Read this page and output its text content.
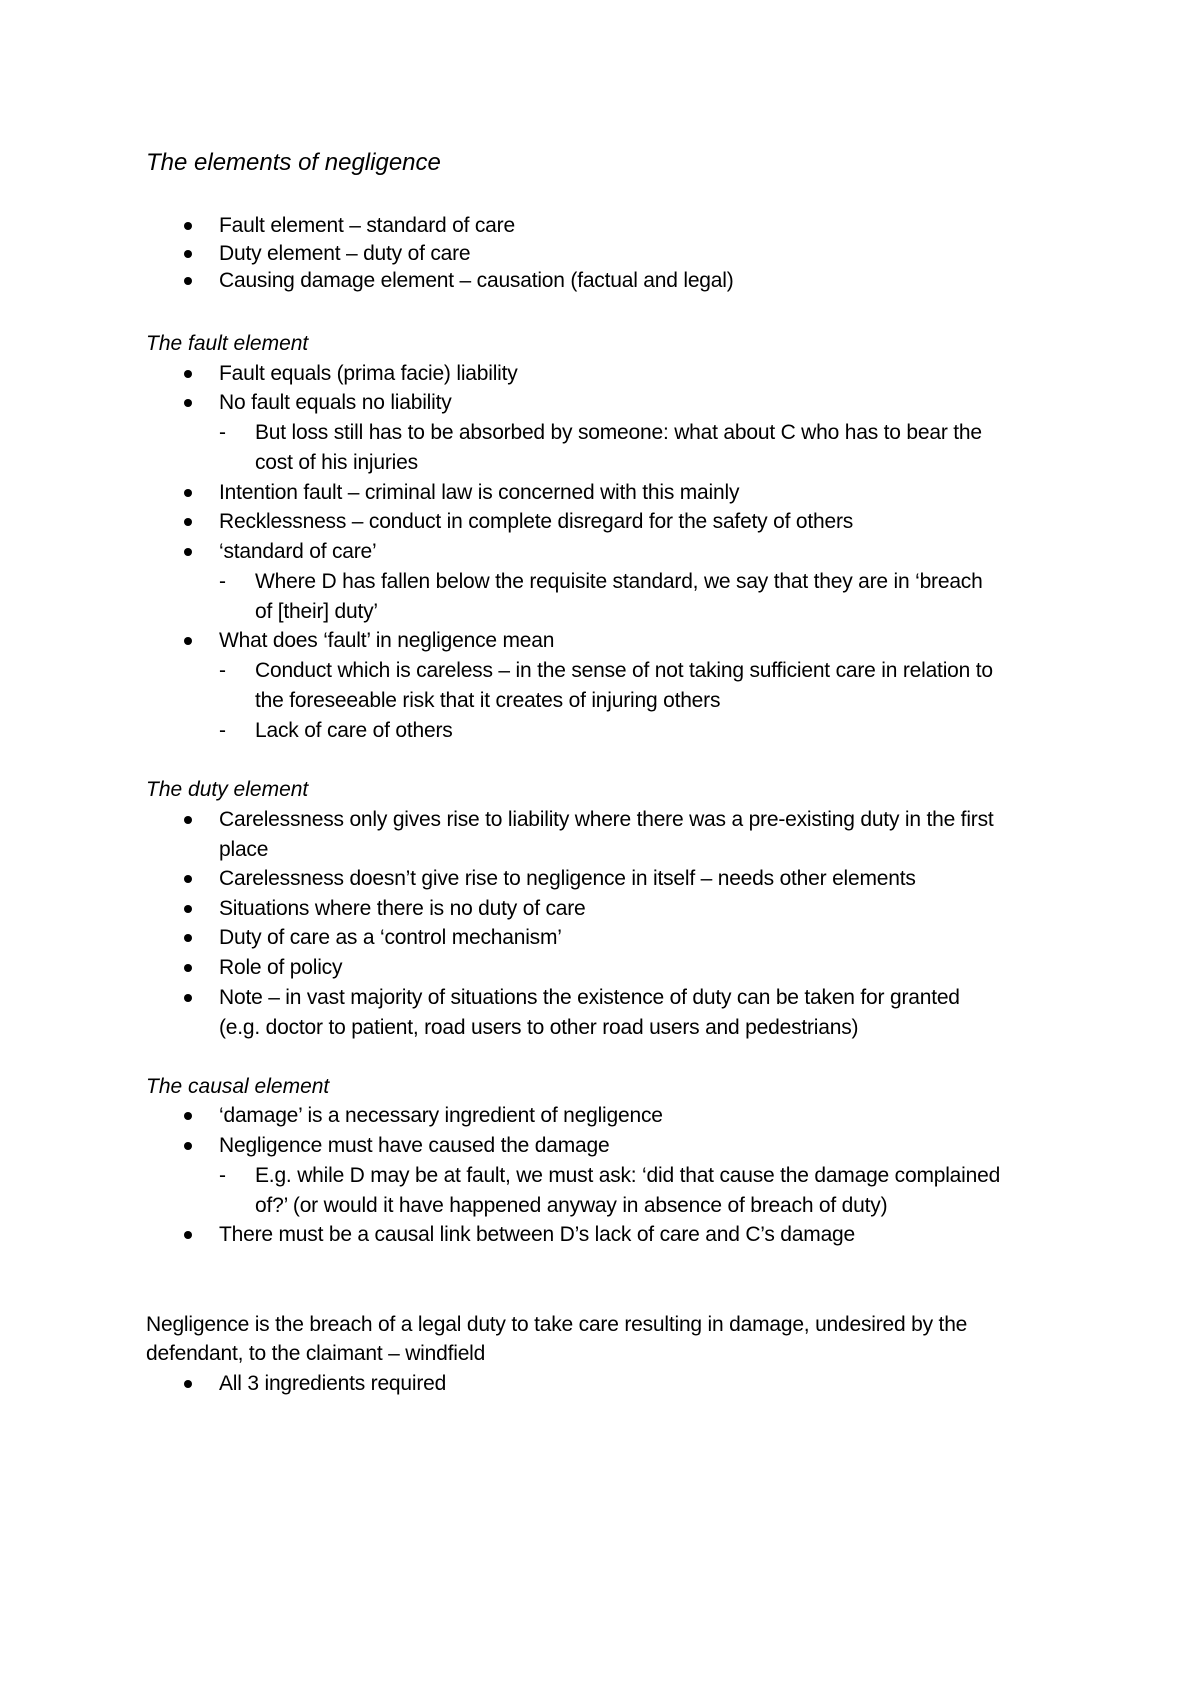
The elements of negligence
Fault element – standard of care
Duty element – duty of care
Causing damage element – causation (factual and legal)
The fault element
Fault equals (prima facie) liability
No fault equals no liability
- But loss still has to be absorbed by someone: what about C who has to bear the
cost of his injuries
Intention fault – criminal law is concerned with this mainly
Recklessness – conduct in complete disregard for the safety of others
‘standard of care’
- Where D has fallen below the requisite standard, we say that they are in ‘breach
of [their] duty’
What does ‘fault’ in negligence mean
- Conduct which is careless – in the sense of not taking sufficient care in relation to
the foreseeable risk that it creates of injuring others
- Lack of care of others
The duty element
Carelessness only gives rise to liability where there was a pre-existing duty in the first
place
Carelessness doesn’t give rise to negligence in itself – needs other elements
Situations where there is no duty of care
Duty of care as a ‘control mechanism’
Role of policy
Note – in vast majority of situations the existence of duty can be taken for granted
(e.g. doctor to patient, road users to other road users and pedestrians)
The causal element
‘damage’ is a necessary ingredient of negligence
Negligence must have caused the damage
- E.g. while D may be at fault, we must ask: ‘did that cause the damage complained
of?’ (or would it have happened anyway in absence of breach of duty)
There must be a causal link between D’s lack of care and C’s damage
Negligence is the breach of a legal duty to take care resulting in damage, undesired by the
defendant, to the claimant – windfield
All 3 ingredients required
